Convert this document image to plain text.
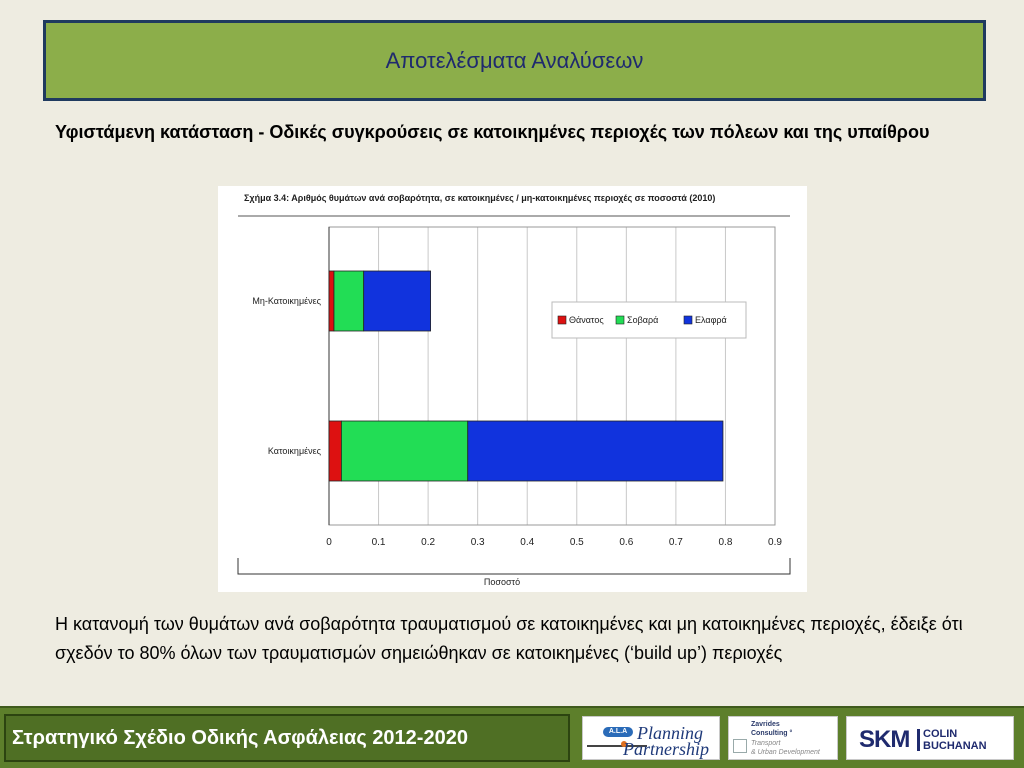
Αποτελέσματα Αναλύσεων
Υφιστάμενη κατάσταση - Οδικές συγκρούσεις σε κατοικημένες περιοχές των πόλεων και της υπαίθρου
Σχήμα 3.4: Αριθμός θυμάτων ανά σοβαρότητα, σε κατοικημένες / μη-κατοικημένες περιοχές σε ποσοστά (2010)
0	0.1	0.2	0.3	0.4	0.5	0.6	0.7	0.8	0.9
Μη-Κατοικημένες
Κατοικημένες
Θάνατος	Σοβαρά	Ελαφρά
Ποσοστό
Η κατανομή των θυμάτων ανά σοβαρότητα τραυματισμού σε κατοικημένες και μη κατοικημένες περιοχές, έδειξε ότι σχεδόν το 80% όλων των τραυματισμών σημειώθηκαν σε κατοικημένες (‘build up’) περιοχές
Στρατηγικό Σχέδιο Οδικής Ασφάλειας 2012-2020	A.L.A Planning
Partnership
Zavrides
Consulting °
Transport
& Urban Development SKM COLIN
BUCHANAN
